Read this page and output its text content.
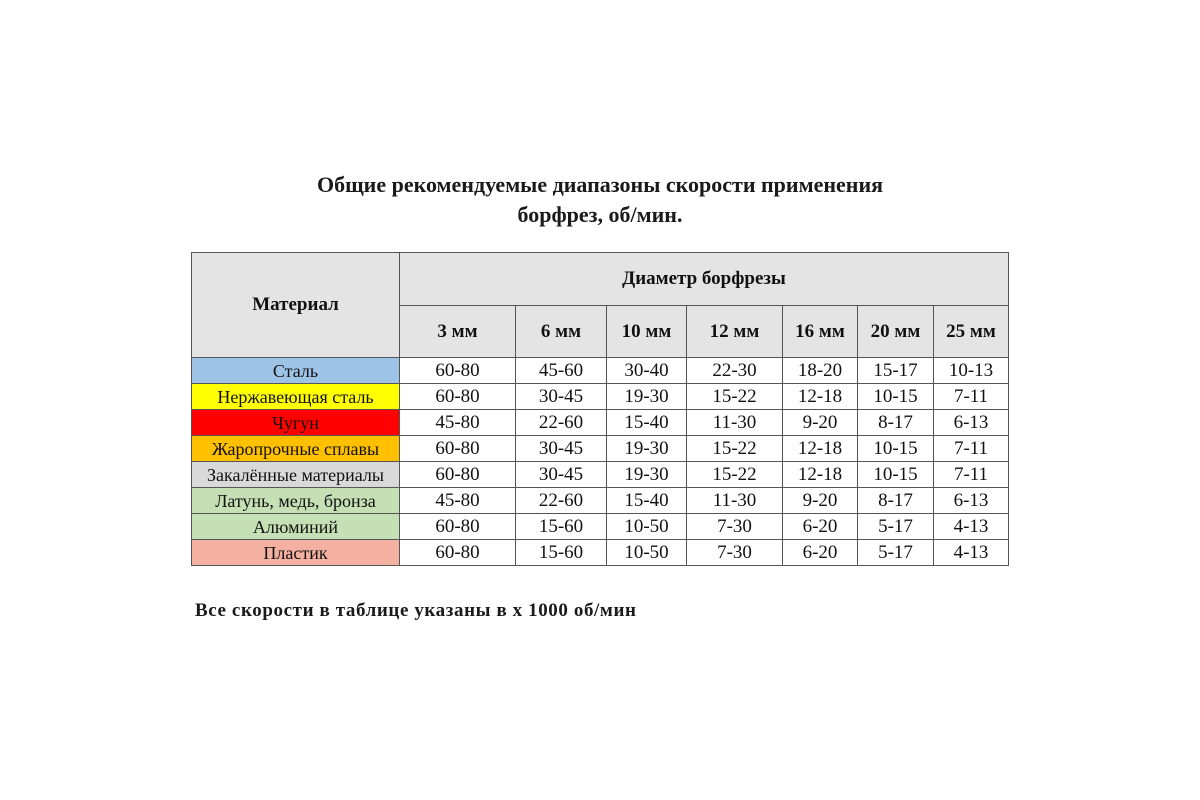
Общие рекомендуемые диапазоны скорости применения
борфрез, об/мин.
Материал	Диаметр борфрезы						
	3 мм	6 мм	10 мм	12 мм	16 мм	20 мм	25 мм
Сталь	60-80	45-60	30-40	22-30	18-20	15-17	10-13
Нержавеющая сталь	60-80	30-45	19-30	15-22	12-18	10-15	7-11
Чугун	45-80	22-60	15-40	11-30	9-20	8-17	6-13
Жаропрочные сплавы	60-80	30-45	19-30	15-22	12-18	10-15	7-11
Закалённые материалы	60-80	30-45	19-30	15-22	12-18	10-15	7-11
Латунь, медь, бронза	45-80	22-60	15-40	11-30	9-20	8-17	6-13
Алюминий	60-80	15-60	10-50	7-30	6-20	5-17	4-13
Пластик	60-80	15-60	10-50	7-30	6-20	5-17	4-13
Все скорости в таблице указаны в х 1000 об/мин
